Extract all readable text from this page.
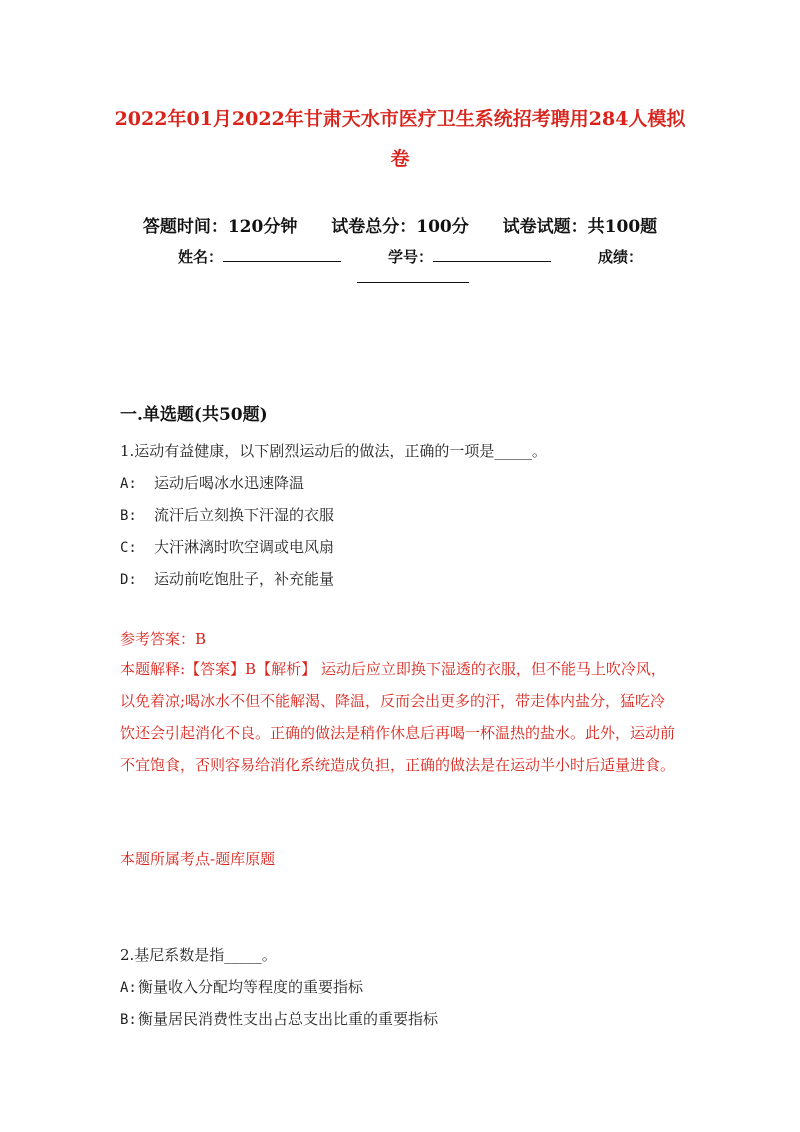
2022年01月2022年甘肃天水市医疗卫生系统招考聘用284人模拟
卷
答题时间：120分钟 试卷总分：100分 试卷试题：共100题
姓名：	学号：	成绩：
一.单选题(共50题)
1.运动有益健康，以下剧烈运动后的做法，正确的一项是_____。
A: 运动后喝冰水迅速降温
B: 流汗后立刻换下汗湿的衣服
C: 大汗淋漓时吹空调或电风扇
D: 运动前吃饱肚子，补充能量
参考答案：B
本题解释:【答案】B【解析】 运动后应立即换下湿透的衣服，但不能马上吹冷风，以免着凉;喝冰水不但不能解渴、降温，反而会出更多的汗，带走体内盐分，猛吃冷饮还会引起消化不良。正确的做法是稍作休息后再喝一杯温热的盐水。此外，运动前不宜饱食，否则容易给消化系统造成负担，正确的做法是在运动半小时后适量进食。
本题所属考点-题库原题
2.基尼系数是指_____。
A:衡量收入分配均等程度的重要指标
B:衡量居民消费性支出占总支出比重的重要指标
